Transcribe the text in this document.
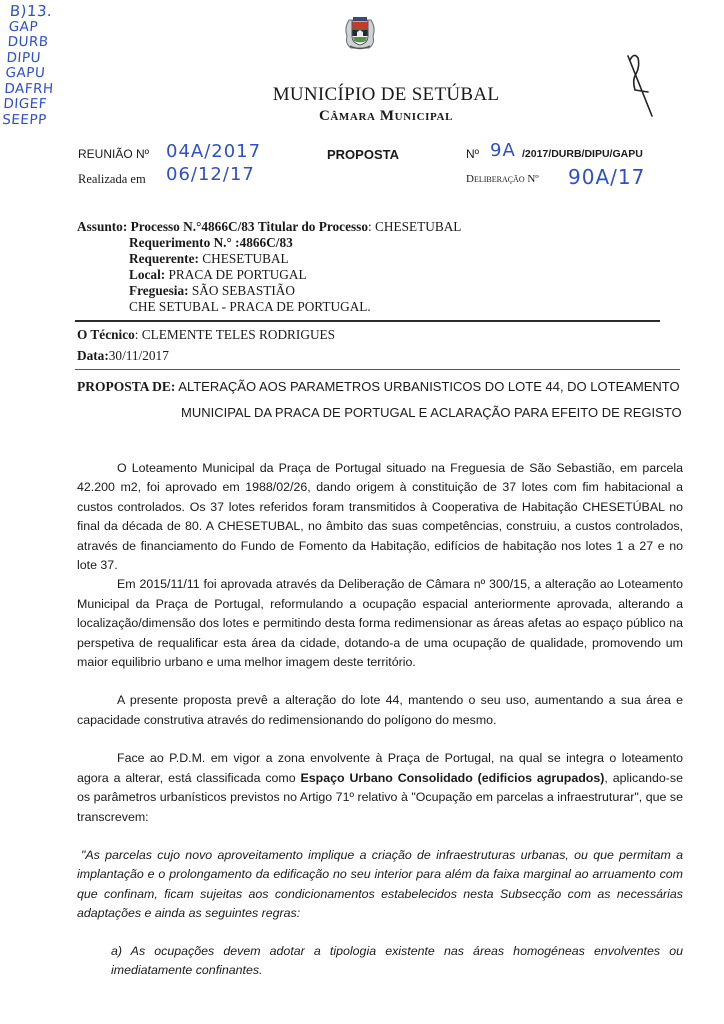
B)13.
GAP
DURB
DIPU
GAPU
DAFRH
DIGEF
SEEPP
MUNICÍPIO DE SETÚBAL
Câmara Municipal
REUNIÃO Nº 04A/2017
Realizada em 06/12/17
PROPOSTA	Nº 9A /2017/DURB/DIPU/GAPU
Deliberação Nº 90A/17
Assunto: Processo N.°4866C/83 Titular do Processo: CHESETUBAL
Requerimento N.° :4866C/83
Requerente: CHESETUBAL
Local: PRACA DE PORTUGAL
Freguesia: SÃO SEBASTIÃO
CHE SETUBAL - PRACA DE PORTUGAL.
O Técnico: CLEMENTE TELES RODRIGUES
Data:30/11/2017
PROPOSTA DE: ALTERAÇÃO AOS PARAMETROS URBANISTICOS DO LOTE 44, DO LOTEAMENTO
MUNICIPAL DA PRACA DE PORTUGAL E ACLARAÇÃO PARA EFEITO DE REGISTO

O Loteamento Municipal da Praça de Portugal situado na Freguesia de São Sebastião, em parcela 42.200 m2, foi aprovado em 1988/02/26, dando origem à constituição de 37 lotes com fim habitacional a custos controlados. Os 37 lotes referidos foram transmitidos à Cooperativa de Habitação CHESETÚBAL no final da década de 80. A CHESETUBAL, no âmbito das suas competências, construiu, a custos controlados, através de financiamento do Fundo de Fomento da Habitação, edifícios de habitação nos lotes 1 a 27 e no lote 37.

Em 2015/11/11 foi aprovada através da Deliberação de Câmara nº 300/15, a alteração ao Loteamento Municipal da Praça de Portugal, reformulando a ocupação espacial anteriormente aprovada, alterando a localização/dimensão dos lotes e permitindo desta forma redimensionar as áreas afetas ao espaço público na perspetiva de requalificar esta área da cidade, dotando-a de uma ocupação de qualidade, promovendo um maior equilibrio urbano e uma melhor imagem deste território.

A presente proposta prevê a alteração do lote 44, mantendo o seu uso, aumentando a sua área e capacidade construtiva através do redimensionando do polígono do mesmo.

Face ao P.D.M. em vigor a zona envolvente à Praça de Portugal, na qual se integra o loteamento agora a alterar, está classificada como Espaço Urbano Consolidado (edificios agrupados), aplicando-se os parâmetros urbanísticos previstos no Artigo 71º relativo à "Ocupação em parcelas a infraestruturar", que se transcrevem:

"As parcelas cujo novo aproveitamento implique a criação de infraestruturas urbanas, ou que permitam a implantação e o prolongamento da edificação no seu interior para além da faixa marginal ao arruamento com que confinam, ficam sujeitas aos condicionamentos estabelecidos nesta Subsecção com as necessárias adaptações e ainda as seguintes regras:

a) As ocupações devem adotar a tipologia existente nas áreas homogéneas envolventes ou imediatamente confinantes.
